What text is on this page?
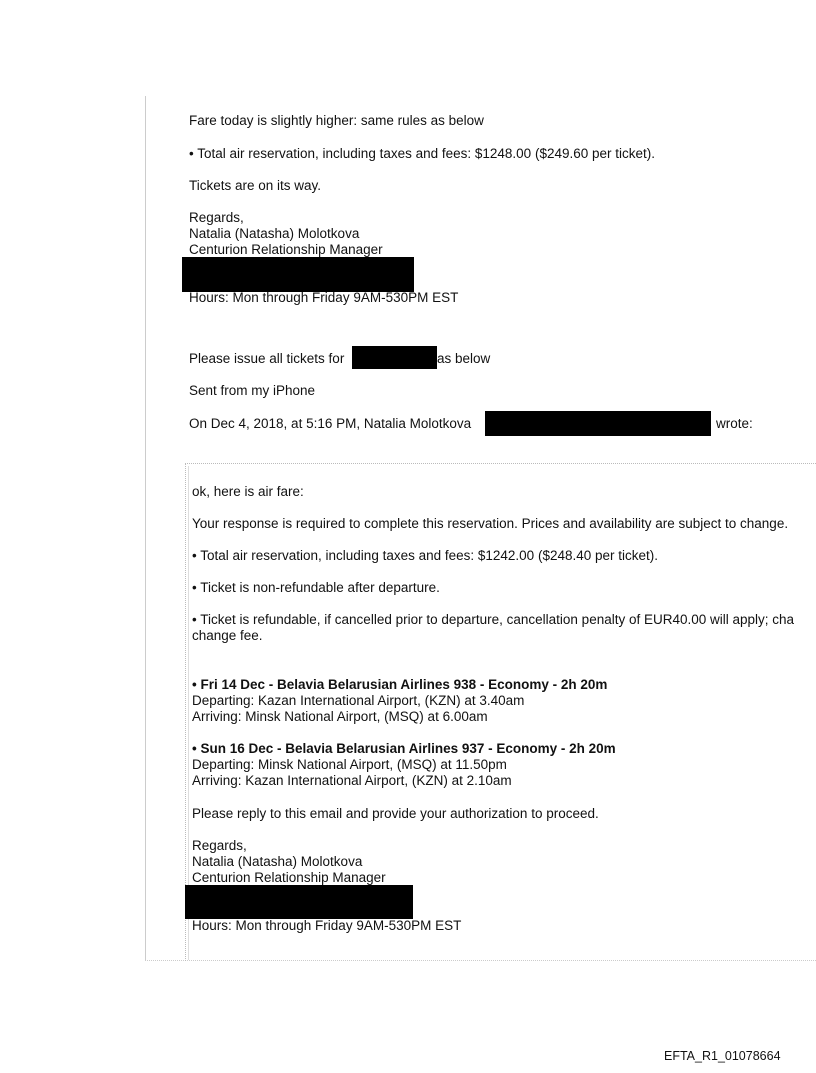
Fare today is slightly higher: same rules as below
• Total air reservation, including taxes and fees: $1248.00 ($249.60 per ticket).
Tickets are on its way.
Regards,
Natalia (Natasha) Molotkova
Centurion Relationship Manager
Hours: Mon through Friday 9AM-530PM EST
Please issue all tickets for	as below
Sent from my iPhone
On Dec 4, 2018, at 5:16 PM, Natalia Molotkova	wrote:
ok, here is air fare:
Your response is required to complete this reservation. Prices and availability are subject to change.
• Total air reservation, including taxes and fees: $1242.00 ($248.40 per ticket).
• Ticket is non-refundable after departure.
• Ticket is refundable, if cancelled prior to departure, cancellation penalty of EUR40.00 will apply; cha
change fee.
• Fri 14 Dec - Belavia Belarusian Airlines 938 - Economy - 2h 20m
Departing: Kazan International Airport, (KZN) at 3.40am
Arriving: Minsk National Airport, (MSQ) at 6.00am
• Sun 16 Dec - Belavia Belarusian Airlines 937 - Economy - 2h 20m
Departing: Minsk National Airport, (MSQ) at 11.50pm
Arriving: Kazan International Airport, (KZN) at 2.10am
Please reply to this email and provide your authorization to proceed.
Regards,
Natalia (Natasha) Molotkova
Centurion Relationship Manager
Hours: Mon through Friday 9AM-530PM EST
EFTA_R1_01078664
